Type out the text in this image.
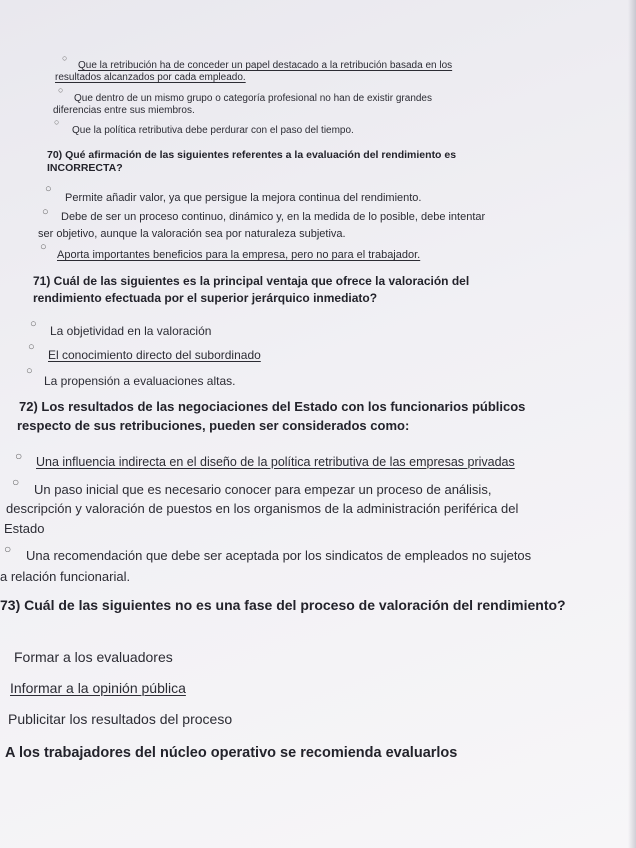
○
Que la retribución ha de conceder un papel destacado a la retribución basada en los
resultados alcanzados por cada empleado.
○
Que dentro de un mismo grupo o categoría profesional no han de existir grandes
diferencias entre sus miembros.
○
Que la política retributiva debe perdurar con el paso del tiempo.
70) Qué afirmación de las siguientes referentes a la evaluación del rendimiento es
INCORRECTA?
○
Permite añadir valor, ya que persigue la mejora continua del rendimiento.
○ Debe de ser un proceso continuo, dinámico y, en la medida de lo posible, debe intentar
ser objetivo, aunque la valoración sea por naturaleza subjetiva.
○
Aporta importantes beneficios para la empresa, pero no para el trabajador.
71) Cuál de las siguientes es la principal ventaja que ofrece la valoración del
rendimiento efectuada por el superior jerárquico inmediato?
○ La objetividad en la valoración
○
El conocimiento directo del subordinado
○
La propensión a evaluaciones altas.
72) Los resultados de las negociaciones del Estado con los funcionarios públicos
respecto de sus retribuciones, pueden ser considerados como:
○ Una influencia indirecta en el diseño de la política retributiva de las empresas privadas
○ Un paso inicial que es necesario conocer para empezar un proceso de análisis,
descripción y valoración de puestos en los organismos de la administración periférica del
Estado
○ Una recomendación que debe ser aceptada por los sindicatos de empleados no sujetos
a relación funcionarial.
73) Cuál de las siguientes no es una fase del proceso de valoración del rendimiento?
Formar a los evaluadores
Informar a la opinión pública
Publicitar los resultados del proceso
A los trabajadores del núcleo operativo se recomienda evaluarlos
